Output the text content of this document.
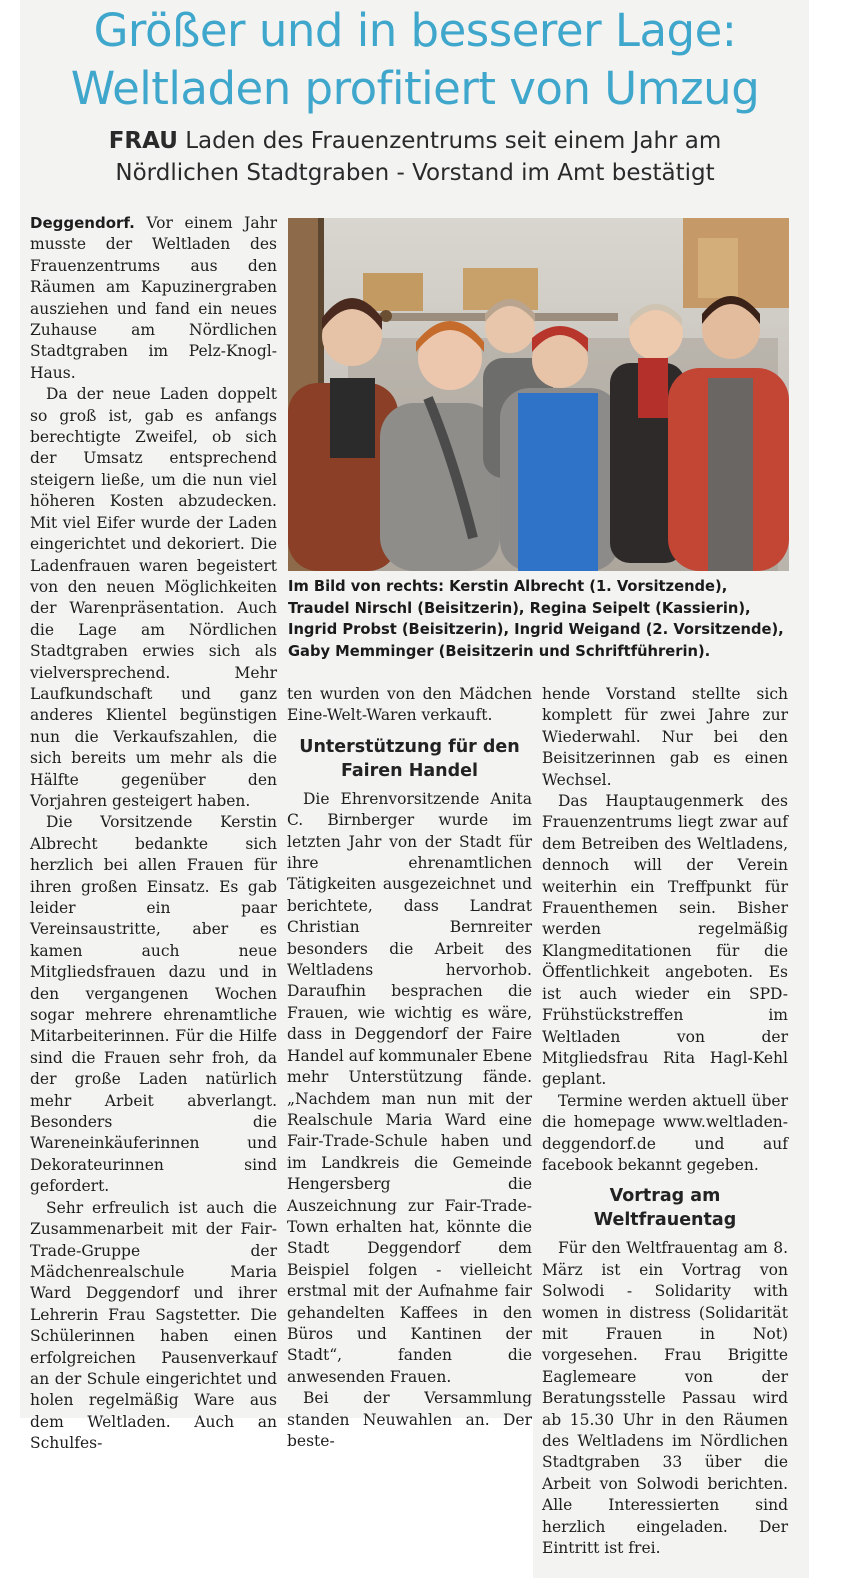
Größer und in besserer Lage:
Weltladen profitiert von Umzug

FRAU Laden des Frauenzentrums seit einem Jahr am

Nördlichen Stadtgraben - Vorstand im Amt bestätigt

Deggendorf. Vor einem Jahr musste der Weltladen des Frauenzentrums aus den Räumen am Kapuzinergraben ausziehen und fand ein neues Zuhause am Nördlichen Stadtgraben im Pelz-Knogl-Haus.

Da der neue Laden doppelt so groß ist, gab es anfangs berechtigte Zweifel, ob sich der Umsatz entsprechend steigern ließe, um die nun viel höheren Kosten abzudecken. Mit viel Eifer wurde der Laden eingerichtet und dekoriert. Die Ladenfrauen waren begeistert von den neuen Möglichkeiten der Warenpräsentation. Auch die Lage am Nördlichen Stadtgraben erwies sich als vielversprechend. Mehr Laufkundschaft und ganz anderes Klientel begünstigen nun die Verkaufszahlen, die sich bereits um mehr als die Hälfte gegenüber den Vorjahren gesteigert haben.

Die Vorsitzende Kerstin Albrecht bedankte sich herzlich bei allen Frauen für ihren großen Einsatz. Es gab leider ein paar Vereinsaustritte, aber es kamen auch neue Mitgliedsfrauen dazu und in den vergangenen Wochen sogar mehrere ehrenamtliche Mitarbeiterinnen. Für die Hilfe sind die Frauen sehr froh, da der große Laden natürlich mehr Arbeit abverlangt. Besonders die Wareneinkäuferinnen und Dekorateurinnen sind gefordert.

Sehr erfreulich ist auch die Zusammenarbeit mit der Fair-Trade-Gruppe der Mädchenrealschule Maria Ward Deggendorf und ihrer Lehrerin Frau Sagstetter. Die Schülerinnen haben einen erfolgreichen Pausenverkauf an der Schule eingerichtet und holen regelmäßig Ware aus dem Weltladen. Auch an Schulfes-

Im Bild von rechts: Kerstin Albrecht (1. Vorsitzende), Traudel Nirschl (Beisitzerin), Regina Seipelt (Kassierin), Ingrid Probst (Beisitzerin), Ingrid Weigand (2. Vorsitzende), Gaby Memminger (Beisitzerin und Schriftführerin).

ten wurden von den Mädchen Eine-Welt-Waren verkauft.

Unterstützung für den Fairen Handel

Die Ehrenvorsitzende Anita C. Birnberger wurde im letzten Jahr von der Stadt für ihre ehrenamtlichen Tätigkeiten ausgezeichnet und berichtete, dass Landrat Christian Bernreiter besonders die Arbeit des Weltladens hervorhob. Daraufhin besprachen die Frauen, wie wichtig es wäre, dass in Deggendorf der Faire Handel auf kommunaler Ebene mehr Unterstützung fände. „Nachdem man nun mit der Realschule Maria Ward eine Fair-Trade-Schule haben und im Landkreis die Gemeinde Hengersberg die Auszeichnung zur Fair-Trade-Town erhalten hat, könnte die Stadt Deggendorf dem Beispiel folgen - vielleicht erstmal mit der Aufnahme fair gehandelten Kaffees in den Büros und Kantinen der Stadt“, fanden die anwesenden Frauen.

Bei der Versammlung standen Neuwahlen an. Der beste-

hende Vorstand stellte sich komplett für zwei Jahre zur Wiederwahl. Nur bei den Beisitzerinnen gab es einen Wechsel.

Das Hauptaugenmerk des Frauenzentrums liegt zwar auf dem Betreiben des Weltladens, dennoch will der Verein weiterhin ein Treffpunkt für Frauenthemen sein. Bisher werden regelmäßig Klangmeditationen für die Öffentlichkeit angeboten. Es ist auch wieder ein SPD-Frühstückstreffen im Weltladen von der Mitgliedsfrau Rita Hagl-Kehl geplant.

Termine werden aktuell über die homepage www.weltladen-deggendorf.de und auf facebook bekannt gegeben.

Vortrag am Weltfrauentag

Für den Weltfrauentag am 8. März ist ein Vortrag von Solwodi - Solidarity with women in distress (Solidarität mit Frauen in Not) vorgesehen. Frau Brigitte Eaglemeare von der Beratungsstelle Passau wird ab 15.30 Uhr in den Räumen des Weltladens im Nördlichen Stadtgraben 33 über die Arbeit von Solwodi berichten. Alle Interessierten sind herzlich eingeladen. Der Eintritt ist frei.
